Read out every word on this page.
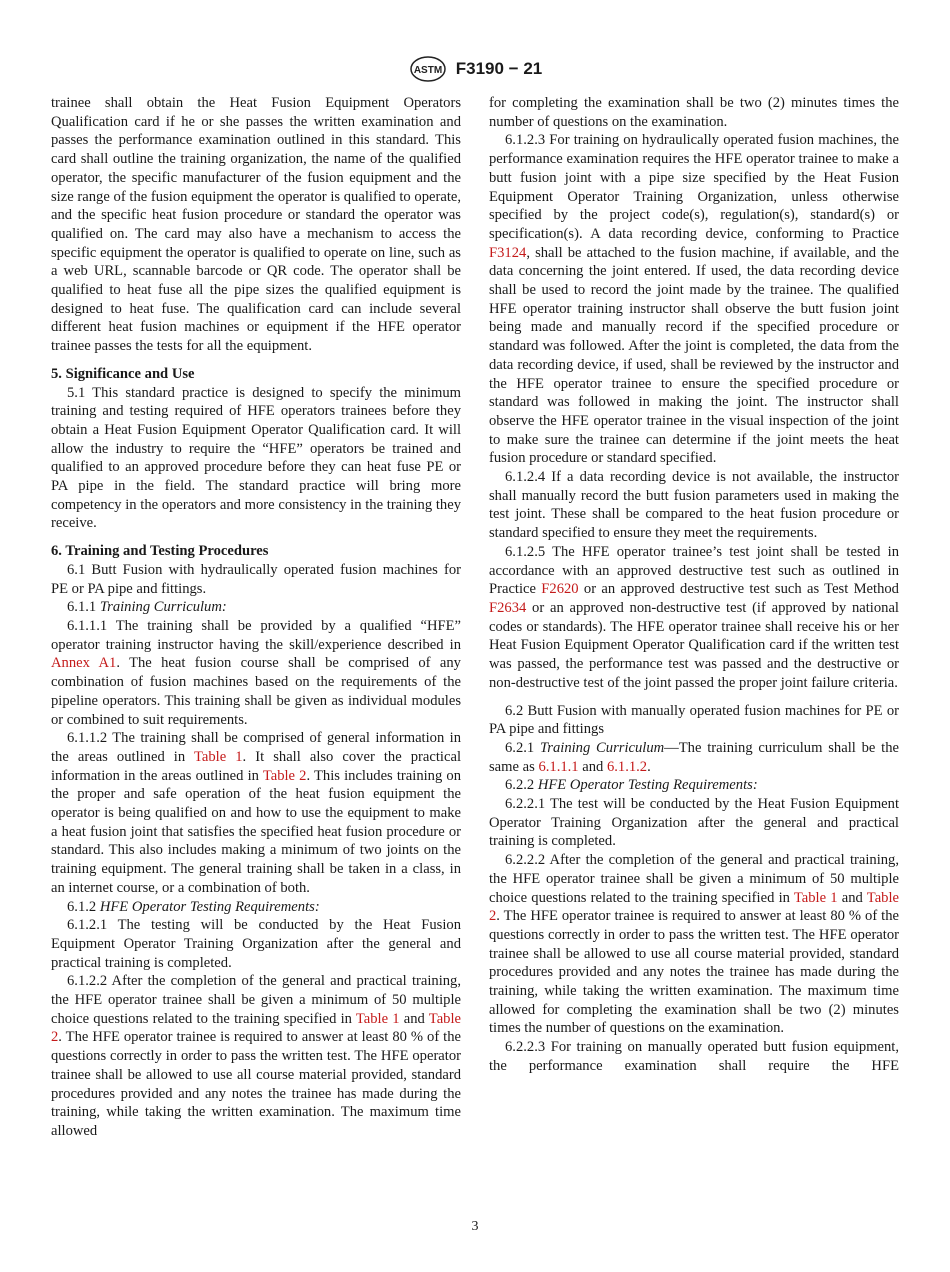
ASTM F3190 − 21

trainee shall obtain the Heat Fusion Equipment Operators Qualification card if he or she passes the written examination and passes the performance examination outlined in this standard. This card shall outline the training organization, the name of the qualified operator, the specific manufacturer of the fusion equipment and the size range of the fusion equipment the operator is qualified to operate, and the specific heat fusion procedure or standard the operator was qualified on. The card may also have a mechanism to access the specific equipment the operator is qualified to operate on line, such as a web URL, scannable barcode or QR code. The operator shall be qualified to heat fuse all the pipe sizes the qualified equipment is designed to heat fuse. The qualification card can include several different heat fusion machines or equipment if the HFE operator trainee passes the tests for all the equipment.

5. Significance and Use

5.1 This standard practice is designed to specify the minimum training and testing required of HFE operators trainees before they obtain a Heat Fusion Equipment Operator Qualification card. It will allow the industry to require the “HFE” operators be trained and qualified to an approved procedure before they can heat fuse PE or PA pipe in the field. The standard practice will bring more competency in the operators and more consistency in the training they receive.

6. Training and Testing Procedures

6.1 Butt Fusion with hydraulically operated fusion machines for PE or PA pipe and fittings.

6.1.1 Training Curriculum:

6.1.1.1 The training shall be provided by a qualified “HFE” operator training instructor having the skill/experience described in Annex A1. The heat fusion course shall be comprised of any combination of fusion machines based on the requirements of the pipeline operators. This training shall be given as individual modules or combined to suit requirements.

6.1.1.2 The training shall be comprised of general information in the areas outlined in Table 1. It shall also cover the practical information in the areas outlined in Table 2. This includes training on the proper and safe operation of the heat fusion equipment the operator is being qualified on and how to use the equipment to make a heat fusion joint that satisfies the specified heat fusion procedure or standard. This also includes making a minimum of two joints on the training equipment. The general training shall be taken in a class, in an internet course, or a combination of both.

6.1.2 HFE Operator Testing Requirements:

6.1.2.1 The testing will be conducted by the Heat Fusion Equipment Operator Training Organization after the general and practical training is completed.

6.1.2.2 After the completion of the general and practical training, the HFE operator trainee shall be given a minimum of 50 multiple choice questions related to the training specified in Table 1 and Table 2. The HFE operator trainee is required to answer at least 80 % of the questions correctly in order to pass the written test. The HFE operator trainee shall be allowed to use all course material provided, standard procedures provided and any notes the trainee has made during the training, while taking the written examination. The maximum time allowed

for completing the examination shall be two (2) minutes times the number of questions on the examination.

6.1.2.3 For training on hydraulically operated fusion machines, the performance examination requires the HFE operator trainee to make a butt fusion joint with a pipe size specified by the Heat Fusion Equipment Operator Training Organization, unless otherwise specified by the project code(s), regulation(s), standard(s) or specification(s). A data recording device, conforming to Practice F3124, shall be attached to the fusion machine, if available, and the data concerning the joint entered. If used, the data recording device shall be used to record the joint made by the trainee. The qualified HFE operator training instructor shall observe the butt fusion joint being made and manually record if the specified procedure or standard was followed. After the joint is completed, the data from the data recording device, if used, shall be reviewed by the instructor and the HFE operator trainee to ensure the specified procedure or standard was followed in making the joint. The instructor shall observe the HFE operator trainee in the visual inspection of the joint to make sure the trainee can determine if the joint meets the heat fusion procedure or standard specified.

6.1.2.4 If a data recording device is not available, the instructor shall manually record the butt fusion parameters used in making the test joint. These shall be compared to the heat fusion procedure or standard specified to ensure they meet the requirements.

6.1.2.5 The HFE operator trainee’s test joint shall be tested in accordance with an approved destructive test such as outlined in Practice F2620 or an approved destructive test such as Test Method F2634 or an approved non-destructive test (if approved by national codes or standards). The HFE operator trainee shall receive his or her Heat Fusion Equipment Operator Qualification card if the written test was passed, the performance test was passed and the destructive or non-destructive test of the joint passed the proper joint failure criteria.

6.2 Butt Fusion with manually operated fusion machines for PE or PA pipe and fittings

6.2.1 Training Curriculum—The training curriculum shall be the same as 6.1.1.1 and 6.1.1.2.

6.2.2 HFE Operator Testing Requirements:

6.2.2.1 The test will be conducted by the Heat Fusion Equipment Operator Training Organization after the general and practical training is completed.

6.2.2.2 After the completion of the general and practical training, the HFE operator trainee shall be given a minimum of 50 multiple choice questions related to the training specified in Table 1 and Table 2. The HFE operator trainee is required to answer at least 80 % of the questions correctly in order to pass the written test. The HFE operator trainee shall be allowed to use all course material provided, standard procedures provided and any notes the trainee has made during the training, while taking the written examination. The maximum time allowed for completing the examination shall be two (2) minutes times the number of questions on the examination.

6.2.2.3 For training on manually operated butt fusion equipment, the performance examination shall require the HFE

3
